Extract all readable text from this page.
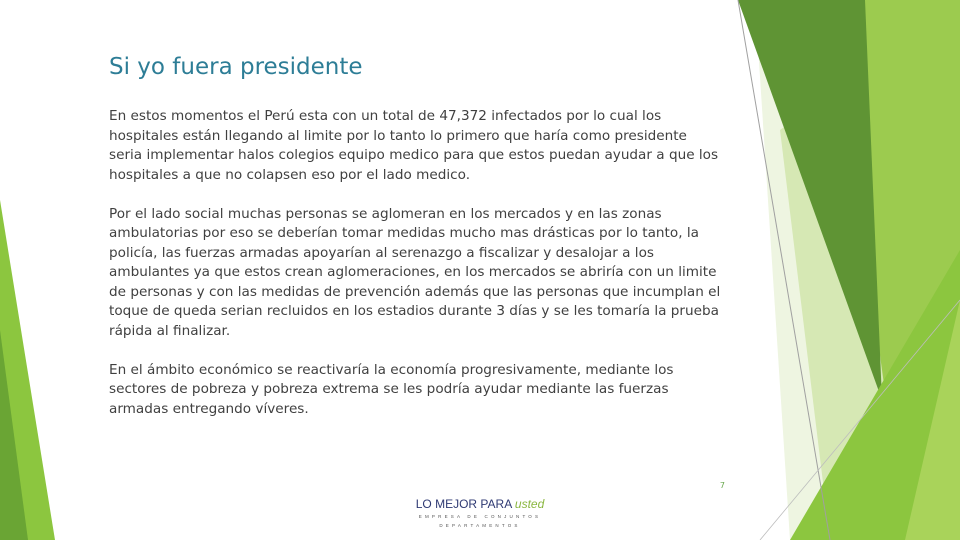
Si yo fuera presidente

En estos momentos el Perú esta con un total de 47,372 infectados por lo cual los hospitales están llegando al limite por lo tanto lo primero que haría como presidente seria implementar halos colegios equipo medico para que estos puedan ayudar a que los hospitales a que no colapsen eso por el lado medico.

Por el lado social muchas personas se aglomeran en los mercados y en las zonas ambulatorias por eso se deberían tomar medidas mucho mas drásticas por lo tanto, la policía, las fuerzas armadas apoyarían al serenazgo a fiscalizar y desalojar a los ambulantes ya que estos crean aglomeraciones, en los mercados se abriría con un limite de personas y con las medidas de prevención además que las personas que incumplan el toque de queda serian recluidos en los estadios durante 3 días y se les tomaría la prueba rápida al finalizar.

En el ámbito económico se reactivaría la economía progresivamente, mediante los sectores de pobreza y pobreza extrema se les podría ayudar mediante las fuerzas armadas entregando víveres.

7
LO MEJOR PARA usted
EMPRESA DE CONJUNTOS
DEPARTAMENTOS
